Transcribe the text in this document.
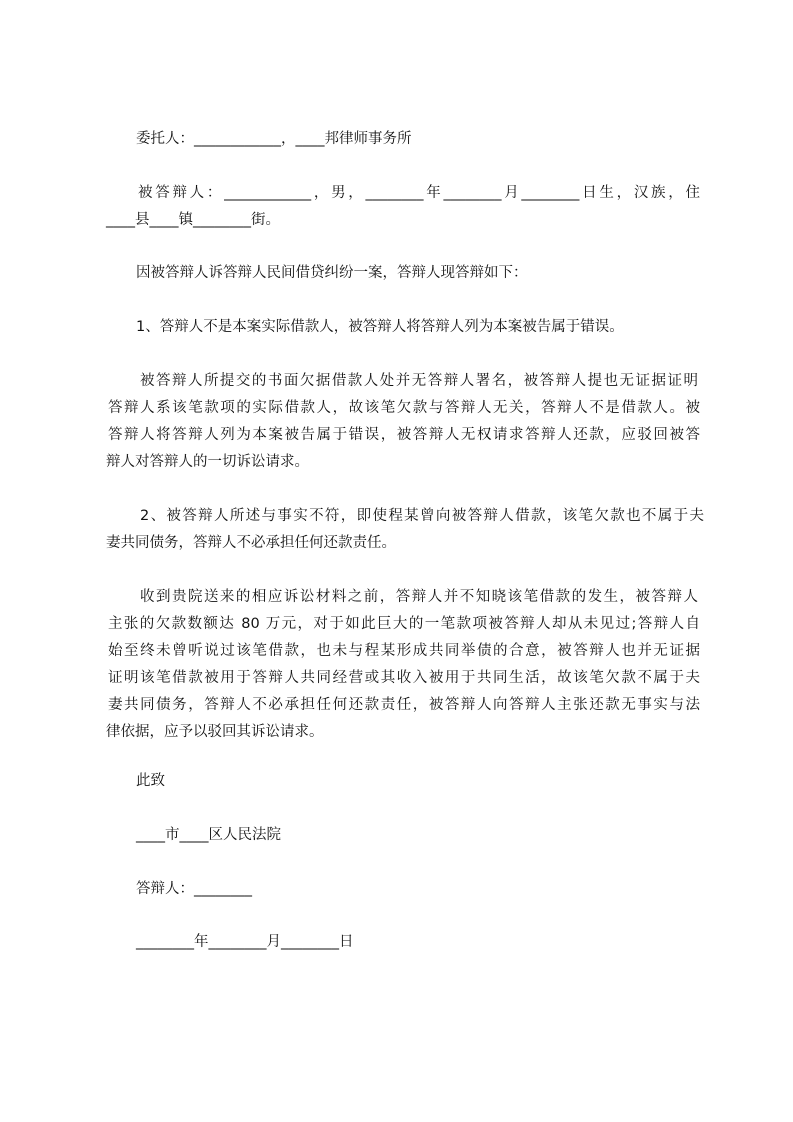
委托人：____________，____邦律师事务所
被答辩人：____________，男，________年________月________日生，汉族，住
____县____镇________街。
因被答辩人诉答辩人民间借贷纠纷一案，答辩人现答辩如下：
1、答辩人不是本案实际借款人，被答辩人将答辩人列为本案被告属于错误。
被答辩人所提交的书面欠据借款人处并无答辩人署名，被答辩人提也无证据证明
答辩人系该笔款项的实际借款人，故该笔欠款与答辩人无关，答辩人不是借款人。被
答辩人将答辩人列为本案被告属于错误，被答辩人无权请求答辩人还款，应驳回被答
辩人对答辩人的一切诉讼请求。
2、被答辩人所述与事实不符，即使程某曾向被答辩人借款，该笔欠款也不属于夫
妻共同债务，答辩人不必承担任何还款责任。
收到贵院送来的相应诉讼材料之前，答辩人并不知晓该笔借款的发生，被答辩人
主张的欠款数额达 80 万元，对于如此巨大的一笔款项被答辩人却从未见过;答辩人自
始至终未曾听说过该笔借款，也未与程某形成共同举债的合意，被答辩人也并无证据
证明该笔借款被用于答辩人共同经营或其收入被用于共同生活，故该笔欠款不属于夫
妻共同债务，答辩人不必承担任何还款责任，被答辩人向答辩人主张还款无事实与法
律依据，应予以驳回其诉讼请求。
此致
____市____区人民法院
答辩人：________
________年________月________日
